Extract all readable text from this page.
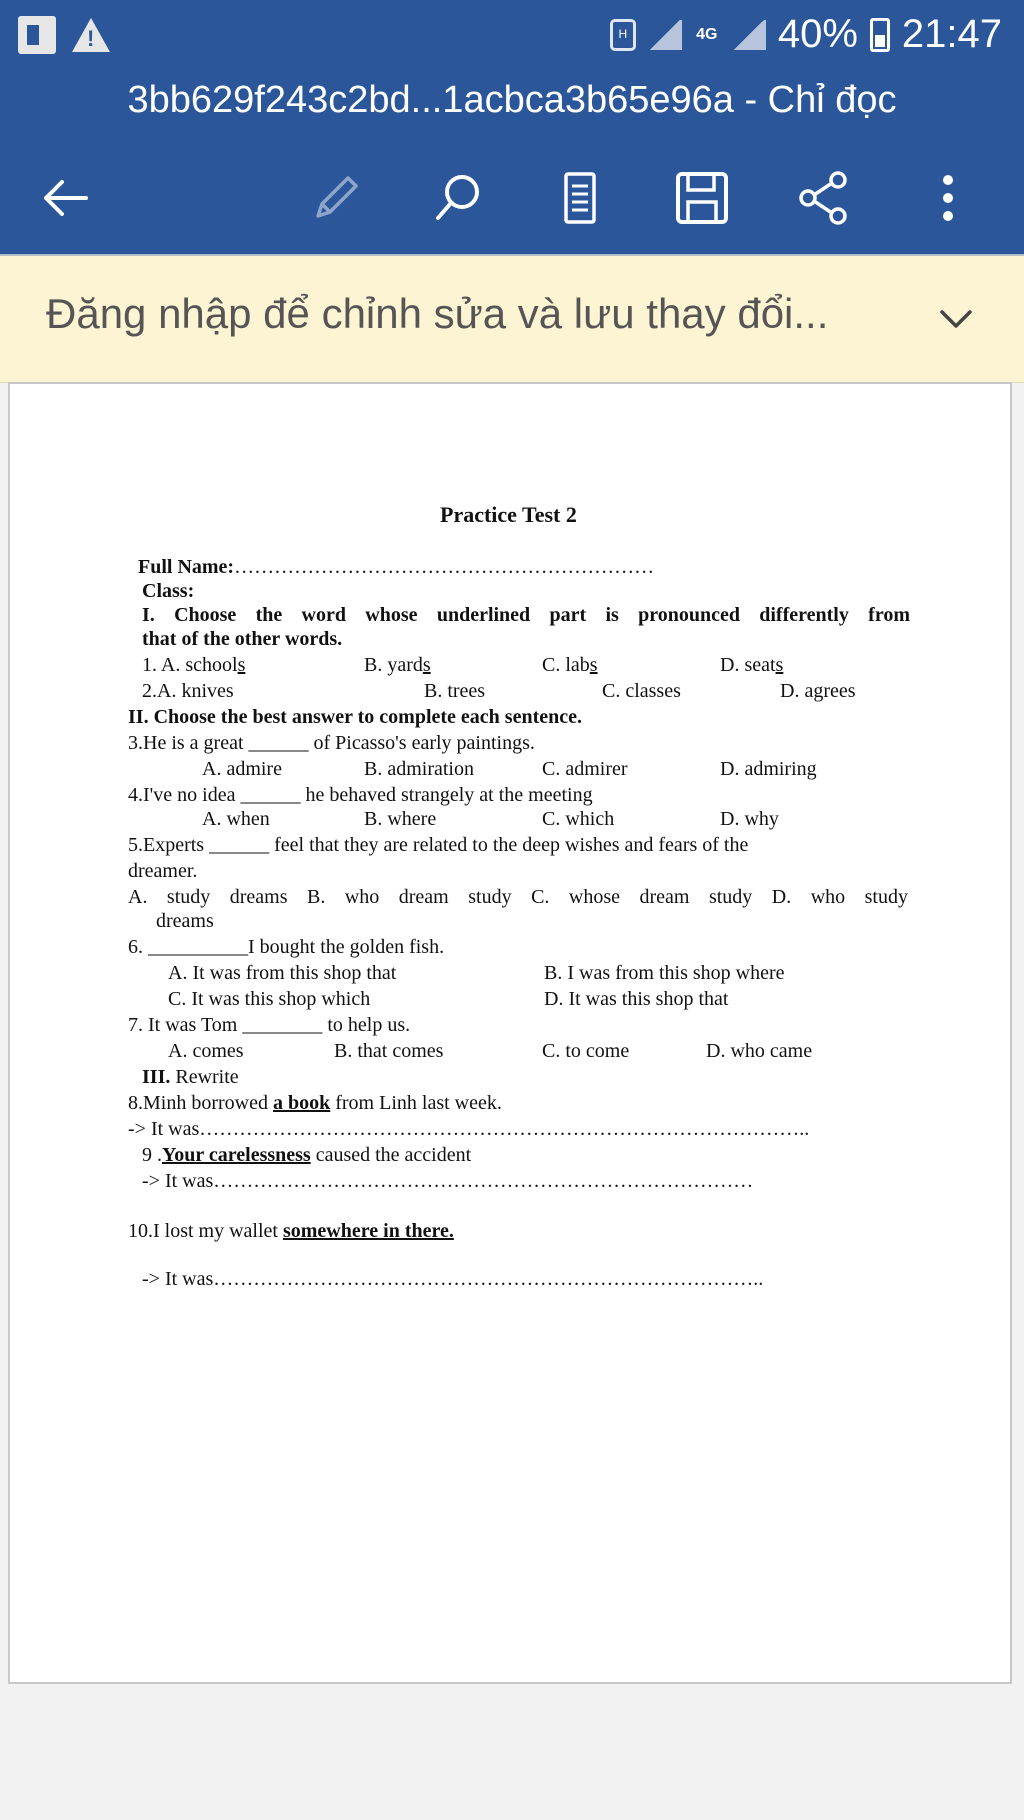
!	H	4G 40% 21:47
3bb629f243c2bd...1acbca3b65e96a - Chỉ đọc
Đăng nhập để chỉnh sửa và lưu thay đổi...
Practice Test 2
Full Name:………………………………………………………
Class:
I. Choose the word whose underlined part is pronounced differently from
that of the other words.
1. A. schools	B. yards	C. labs	D. seats
2.A. knives	B. trees	C. classes	D. agrees
II. Choose the best answer to complete each sentence.
3.He is a great ______ of Picasso's early paintings.
A. admire	B. admiration	C. admirer	D. admiring
4.I've no idea ______ he behaved strangely at the meeting
A. when	B. where	C. which	D. why
5.Experts ______ feel that they are related to the deep wishes and fears of the
dreamer.
A. study dreams B. who dream study C. whose dream study D. who study
dreams
6. __________I bought the golden fish.
A. It was from this shop that	B. I was from this shop where
C. It was this shop which	D. It was this shop that
7. It was Tom ________ to help us.
A. comes	B. that comes	C. to come	D. who came
III. Rewrite
8.Minh borrowed a book from Linh last week.
-> It was………………………………………………………………………………..
9 .Your carelessness caused the accident
-> It was………………………………………………………………………
10.I lost my wallet somewhere in there.
-> It was………………………………………………………………………..
